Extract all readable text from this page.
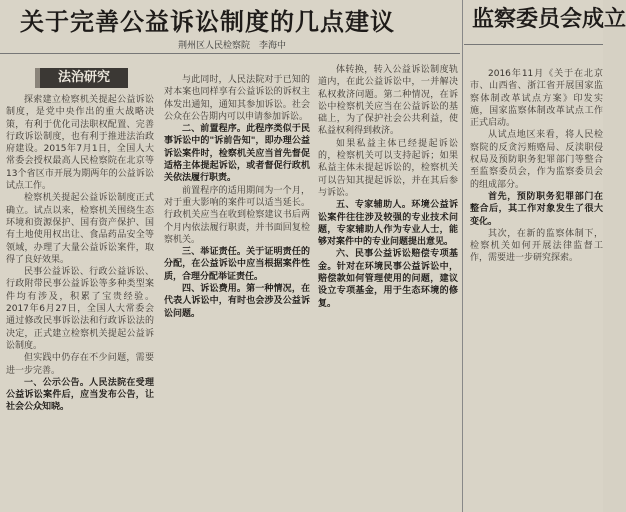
关于完善公益诉讼制度的几点建议
荆州区人民检察院　李海中
法治研究

探索建立检察机关提起公益诉讼制度，是党中央作出的重大战略决策，有利于优化司法职权配置、完善行政诉讼制度，也有利于推进法治政府建设。2015年7月1日，全国人大常委会授权最高人民检察院在北京等13个省区市开展为期两年的公益诉讼试点工作。

检察机关提起公益诉讼制度正式确立。试点以来，检察机关围绕生态环境和资源保护、国有资产保护、国有土地使用权出让、食品药品安全等领域，办理了大量公益诉讼案件，取得了良好效果。

民事公益诉讼、行政公益诉讼、行政附带民事公益诉讼等多种类型案件均有涉及，积累了宝贵经验。2017年6月27日，全国人大常委会通过修改民事诉讼法和行政诉讼法的决定，正式建立检察机关提起公益诉讼制度。

但实践中仍存在不少问题，需要进一步完善。

一、公示公告。人民法院在受理公益诉讼案件后，应当发布公告，让社会公众知晓。

与此同时，人民法院对于已知的对本案也同样享有公益诉讼的诉权主体发出通知，通知其参加诉讼。社会公众在公告期内可以申请参加诉讼。

二、前置程序。此程序类似于民事诉讼中的"诉前告知"，即办理公益诉讼案件时，检察机关应当首先督促适格主体提起诉讼，或者督促行政机关依法履行职责。

前置程序的适用期间为一个月，对于重大影响的案件可以适当延长。行政机关应当在收到检察建议书后两个月内依法履行职责，并书面回复检察机关。

三、举证责任。关于证明责任的分配，在公益诉讼中应当根据案件性质，合理分配举证责任。

四、诉讼费用。第一种情况，在代表人诉讼中，有时也会涉及公益诉讼问题。

体转换，转入公益诉讼制度轨道内，在此公益诉讼中，一并解决私权救济问题。第二种情况，在诉讼中检察机关应当在公益诉讼的基础上，为了保护社会公共利益，使私益权利得到救济。

如果私益主体已经提起诉讼的，检察机关可以支持起诉；如果私益主体未提起诉讼的，检察机关可以告知其提起诉讼，并在其后参与诉讼。

五、专家辅助人。环境公益诉讼案件往往涉及较强的专业技术问题，专家辅助人作为专业人士，能够对案件中的专业问题提出意见。

六、民事公益诉讼赔偿专项基金。针对在环境民事公益诉讼中，赔偿款如何管理使用的问题，建议设立专项基金，用于生态环境的修复。

监察委员会成立

2016年11月《关于在北京市、山西省、浙江省开展国家监察体制改革试点方案》印发实施，国家监察体制改革试点工作正式启动。

从试点地区来看，将人民检察院的反贪污贿赂局、反渎职侵权局及预防职务犯罪部门等整合至监察委员会，作为监察委员会的组成部分。

首先，预防职务犯罪部门在整合后，其工作对象发生了很大变化。

其次，在新的监察体制下，检察机关如何开展法律监督工作，需要进一步研究探索。
